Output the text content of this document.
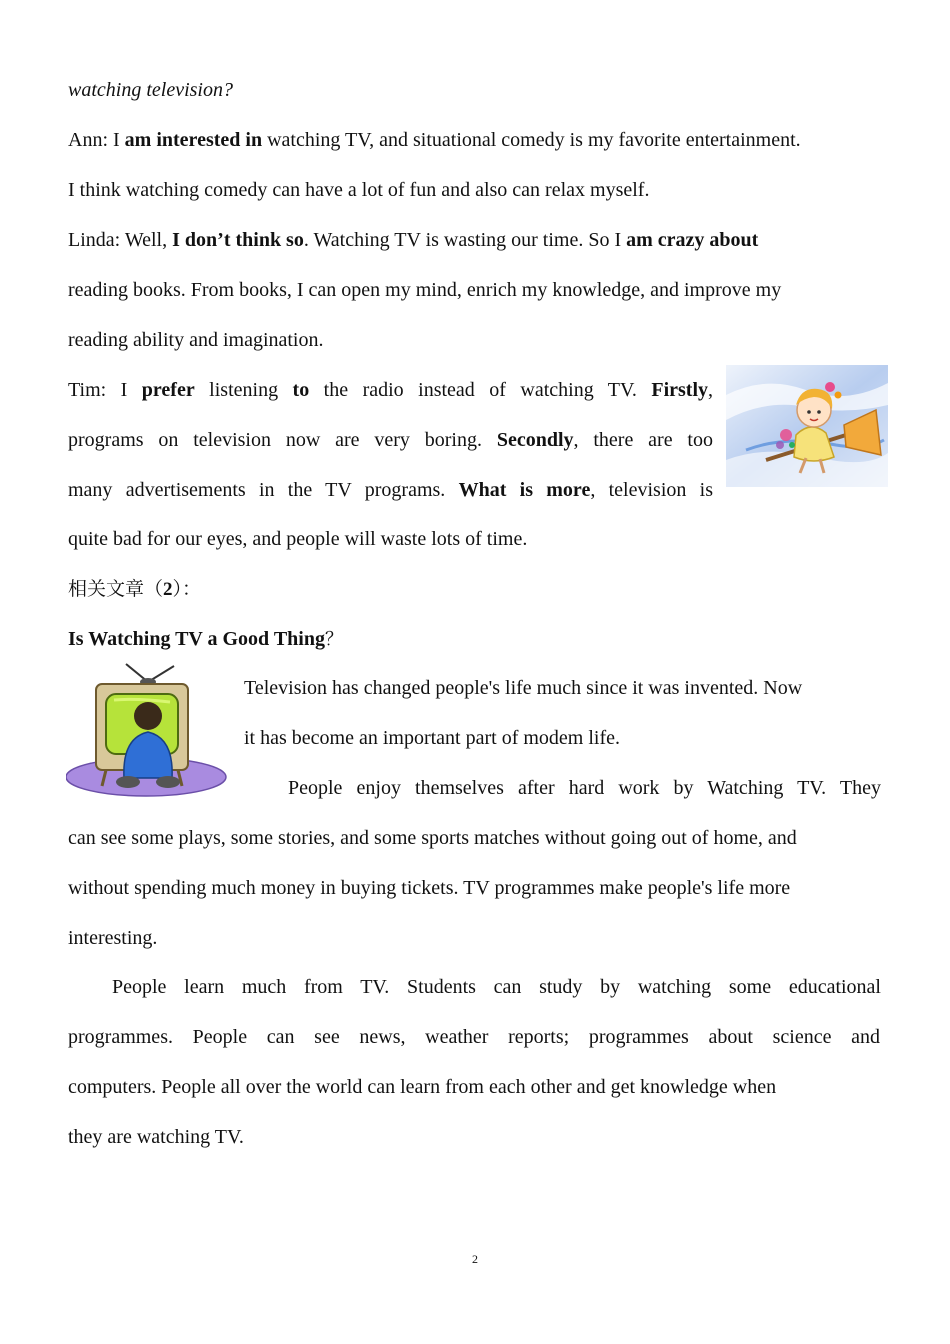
watching television?
Ann: I am interested in watching TV, and situational comedy is my favorite entertainment.
I think watching comedy can have a lot of fun and also can relax myself.
Linda: Well, I don’t think so. Watching TV is wasting our time. So I am crazy about
reading books. From books, I can open my mind, enrich my knowledge, and improve my
reading ability and imagination.
Tim: I prefer listening to the radio instead of watching TV. Firstly,
programs on television now are very boring. Secondly, there are too
many advertisements in the TV programs. What is more, television is
quite bad for our eyes, and people will waste lots of time.
相关文章（2）：
Is Watching TV a Good Thing？
Television has changed people's life much since it was invented. Now
it has become an important part of modem life.
People enjoy themselves after hard work by Watching TV. They
can see some plays, some stories, and some sports matches without going out of home, and
without spending much money in buying tickets. TV programmes make people's life more
interesting.
People learn much from TV. Students can study by watching some educational
programmes. People can see news, weather reports; programmes about science and
computers. People all over the world can learn from each other and get knowledge when
they are watching TV.
2
